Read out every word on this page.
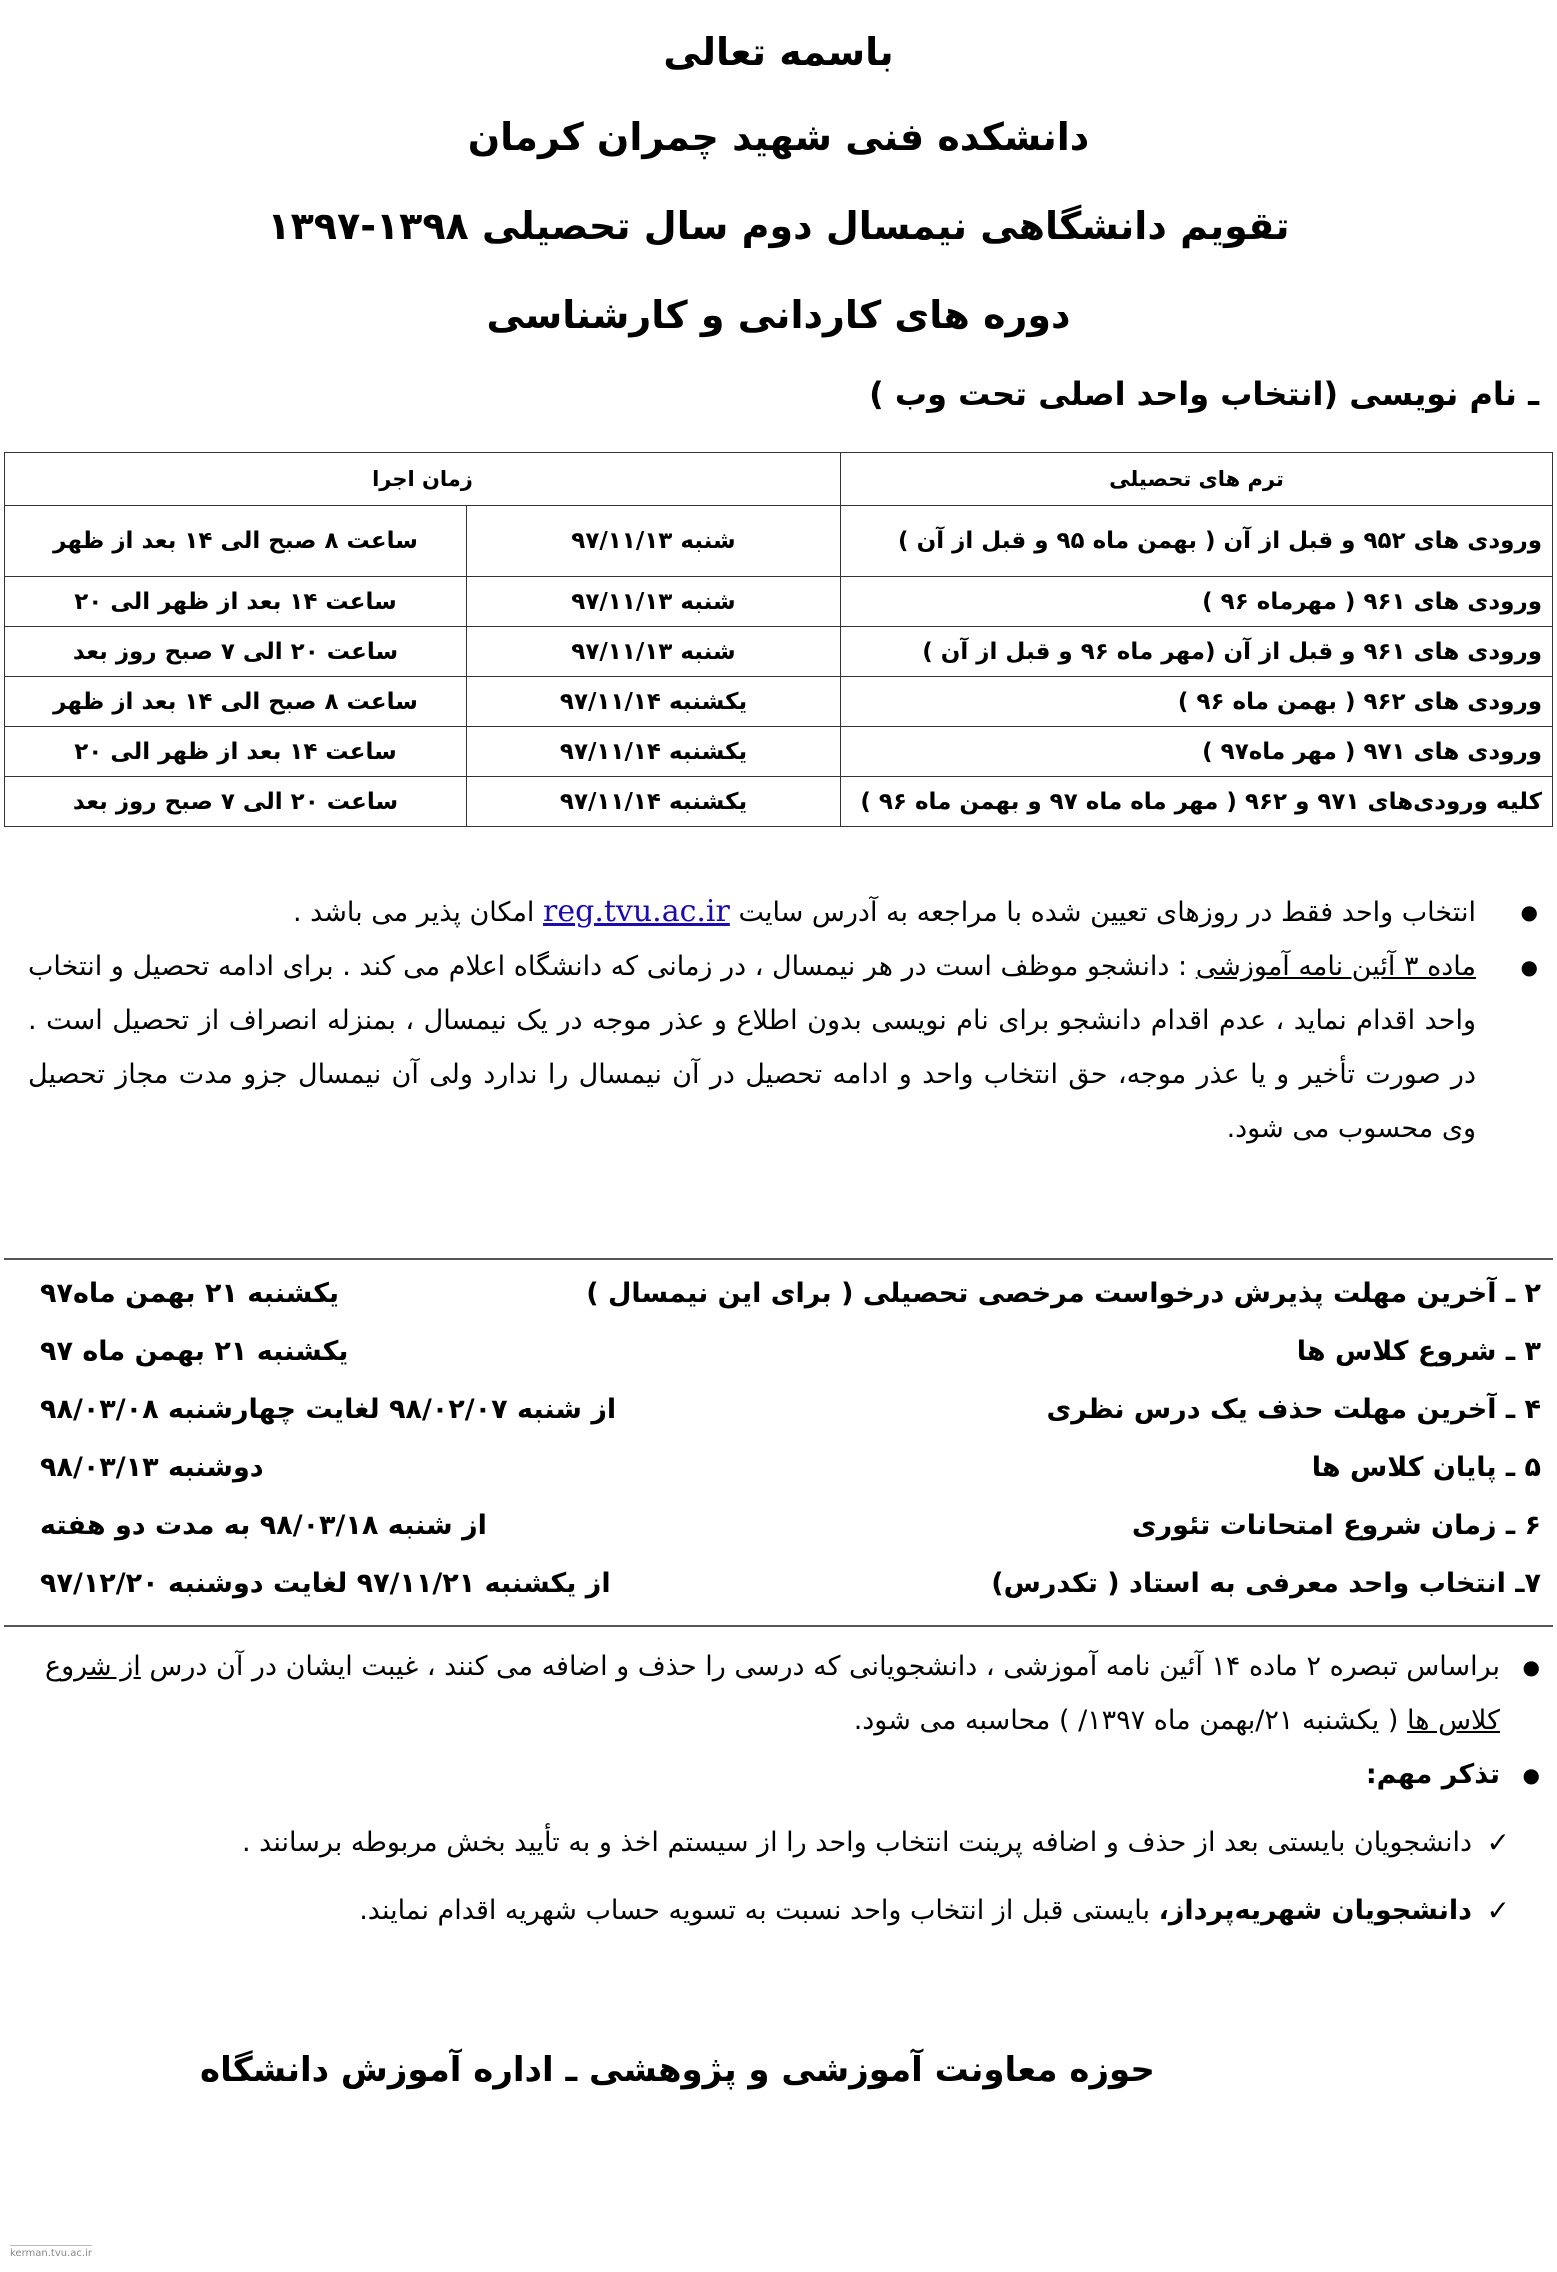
باسمه تعالی
دانشکده فنی شهید چمران کرمان
تقویم دانشگاهی نیمسال دوم سال تحصیلی ۱۳۹۸-۱۳۹۷
دوره های کاردانی و کارشناسی
ـ نام نویسی (انتخاب واحد اصلی تحت وب )
ترم های تحصیلی	زمان اجرا	
ورودی های ۹۵۲ و قبل از آن ( بهمن ماه ۹۵ و قبل از آن )	شنبه ۹۷/۱۱/۱۳	ساعت ۸ صبح الی ۱۴ بعد از ظهر
ورودی های ۹۶۱ ( مهرماه ۹۶ )	شنبه ۹۷/۱۱/۱۳	ساعت ۱۴ بعد از ظهر الی ۲۰
ورودی های ۹۶۱ و قبل از آن (مهر ماه ۹۶ و قبل از آن )	شنبه ۹۷/۱۱/۱۳	ساعت ۲۰ الی ۷ صبح روز بعد
ورودی های ۹۶۲ ( بهمن ماه ۹۶ )	یکشنبه ۹۷/۱۱/۱۴	ساعت ۸ صبح الی ۱۴ بعد از ظهر
ورودی های ۹۷۱ ( مهر ماه۹۷ )	یکشنبه ۹۷/۱۱/۱۴	ساعت ۱۴ بعد از ظهر الی ۲۰
کلیه ورودی‌های ۹۷۱ و ۹۶۲ ( مهر ماه ماه ۹۷ و بهمن ماه ۹۶ )	یکشنبه ۹۷/۱۱/۱۴	ساعت ۲۰ الی ۷ صبح روز بعد

● انتخاب واحد فقط در روزهای تعیین شده با مراجعه به آدرس سایت reg.tvu.ac.ir امکان پذیر می باشد .

● ماده ۳ آئین نامه آموزشی : دانشجو موظف است در هر نیمسال ، در زمانی که دانشگاه اعلام می کند . برای ادامه تحصیل و انتخاب واحد اقدام نماید ، عدم اقدام دانشجو برای نام نویسی بدون اطلاع و عذر موجه در یک نیمسال ، بمنزله انصراف از تحصیل است . در صورت تأخیر و یا عذر موجه، حق انتخاب واحد و ادامه تحصیل در آن نیمسال را ندارد ولی آن نیمسال جزو مدت مجاز تحصیل وی محسوب می شود.

۲ ـ آخرین مهلت پذیرش درخواست مرخصی تحصیلی ( برای این نیمسال )
یکشنبه ۲۱ بهمن ماه۹۷
۳ ـ شروع کلاس ها
یکشنبه ۲۱ بهمن ماه ۹۷
۴ ـ آخرین مهلت حذف یک درس نظری
از شنبه ۹۸/۰۲/۰۷ لغایت چهارشنبه ۹۸/۰۳/۰۸
۵ ـ پایان کلاس ها
دوشنبه ۹۸/۰۳/۱۳
۶ ـ زمان شروع امتحانات تئوری
از شنبه ۹۸/۰۳/۱۸ به مدت دو هفته
۷ـ انتخاب واحد معرفی به استاد ( تکدرس)
از یکشنبه ۹۷/۱۱/۲۱ لغایت دوشنبه ۹۷/۱۲/۲۰

● براساس تبصره ۲ ماده ۱۴ آئین نامه آموزشی ، دانشجویانی که درسی را حذف و اضافه می کنند ، غیبت ایشان در آن درس از شروع کلاس ها ( یکشنبه ۲۱/بهمن ماه ۱۳۹۷/ ) محاسبه می شود.

● تذکر مهم:

✓
دانشجویان بایستی بعد از حذف و اضافه پرینت انتخاب واحد را از سیستم اخذ و به تأیید بخش مربوطه برسانند .

✓
دانشجویان شهریه‌پرداز، بایستی قبل از انتخاب واحد نسبت به تسویه حساب شهریه اقدام نمایند.

حوزه معاونت آموزشی و پژوهشی ـ اداره آموزش دانشگاه
kerman.tvu.ac.ir
